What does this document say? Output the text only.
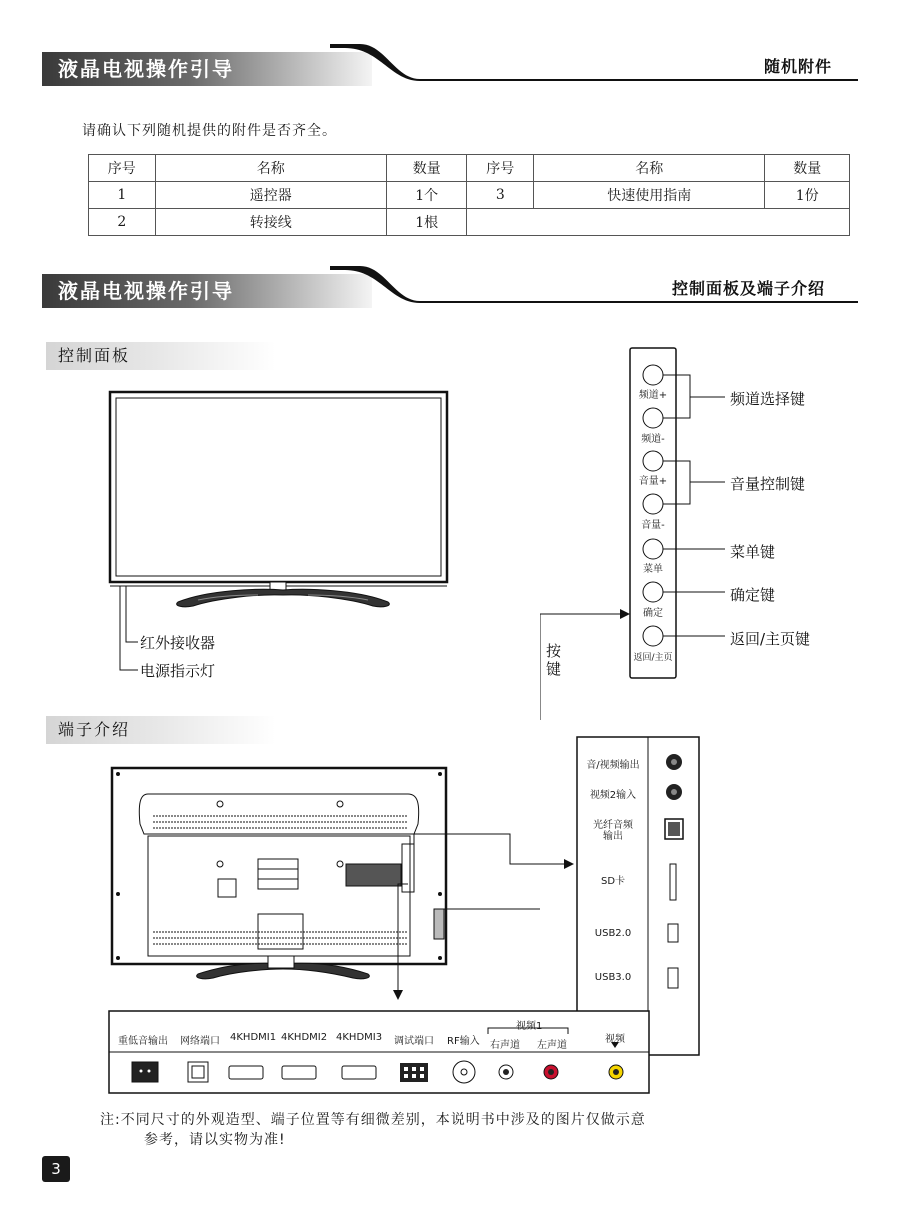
液晶电视操作引导	随机附件
请确认下列随机提供的附件是否齐全。
序号	名称	数量	序号	名称	数量
1	遥控器	1个	3	快速使用指南	1份
2	转接线	1根			
液晶电视操作引导	控制面板及端子介绍
控制面板
红外接收器
电源指示灯
按
键
频道+
频道-
音量+
音量-
菜单
确定
返回/主页
频道选择键
音量控制键
菜单键
确定键
返回/主页键
端子介绍
音/视频输出
视频2输入
光纤音频
输出
SD卡
USB2.0
USB3.0
重低音输出 网络端口 4KHDMI1 4KHDMI2 4KHDMI3 调试端口 RF输入
视频1
右声道 左声道
视频
注:不同尺寸的外观造型、端子位置等有细微差别，本说明书中涉及的图片仅做示意
参考，请以实物为准!
3
